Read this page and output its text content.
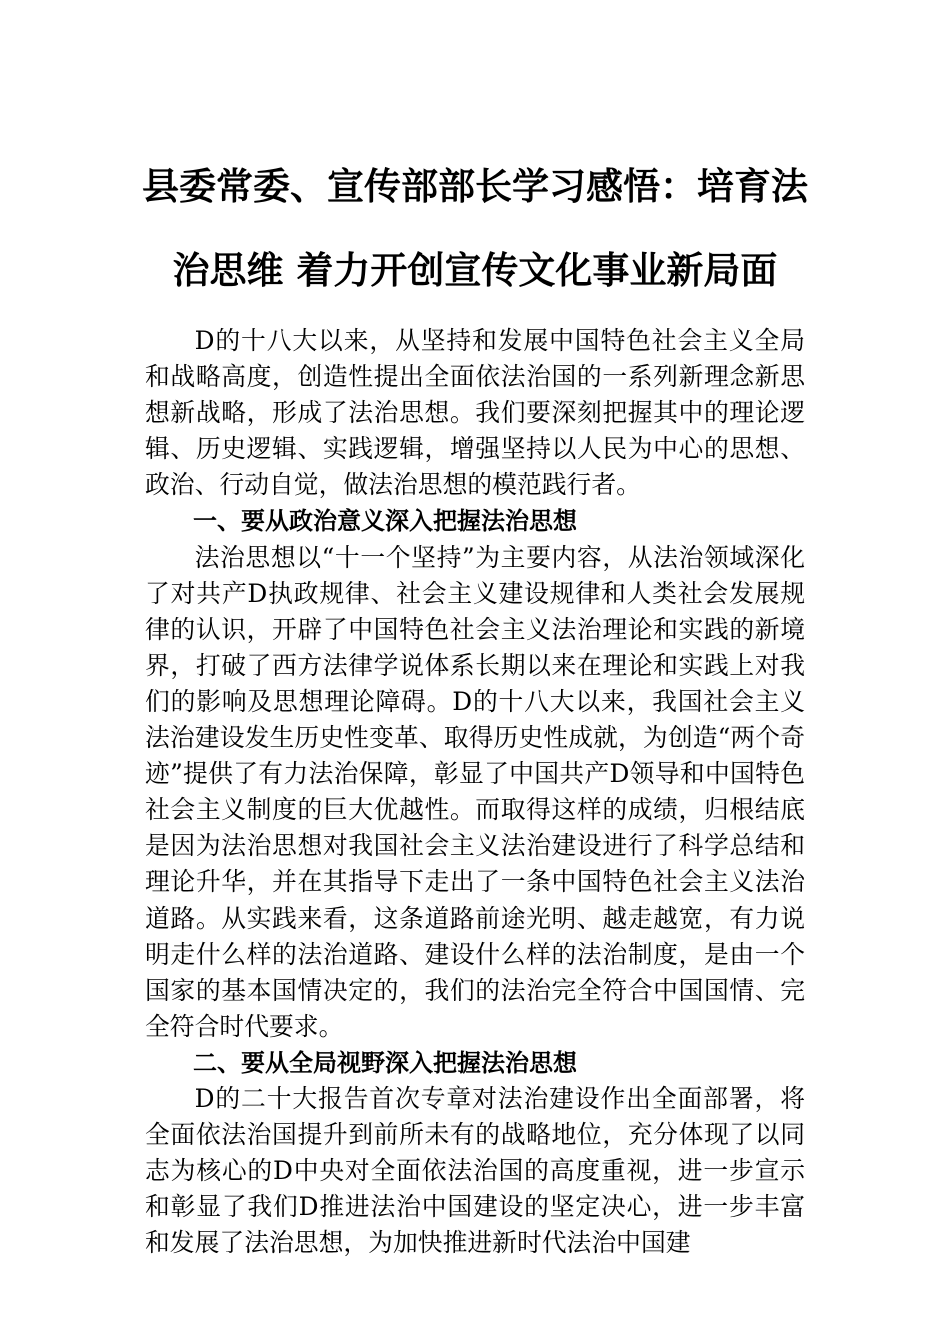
县委常委、宣传部部长学习感悟：培育法
治思维 着力开创宣传文化事业新局面

D的十八大以来，从坚持和发展中国特色社会主义全局和战略高度，创造性提出全面依法治国的一系列新理念新思想新战略，形成了法治思想。我们要深刻把握其中的理论逻辑、历史逻辑、实践逻辑，增强坚持以人民为中心的思想、政治、行动自觉，做法治思想的模范践行者。

一、要从政治意义深入把握法治思想

法治思想以“十一个坚持”为主要内容，从法治领域深化了对共产D执政规律、社会主义建设规律和人类社会发展规律的认识，开辟了中国特色社会主义法治理论和实践的新境界，打破了西方法律学说体系长期以来在理论和实践上对我们的影响及思想理论障碍。D的十八大以来，我国社会主义法治建设发生历史性变革、取得历史性成就，为创造“两个奇迹”提供了有力法治保障，彰显了中国共产D领导和中国特色社会主义制度的巨大优越性。而取得这样的成绩，归根结底是因为法治思想对我国社会主义法治建设进行了科学总结和理论升华，并在其指导下走出了一条中国特色社会主义法治道路。从实践来看，这条道路前途光明、越走越宽，有力说明走什么样的法治道路、建设什么样的法治制度，是由一个国家的基本国情决定的，我们的法治完全符合中国国情、完全符合时代要求。

二、要从全局视野深入把握法治思想

D的二十大报告首次专章对法治建设作出全面部署，将全面依法治国提升到前所未有的战略地位，充分体现了以同志为核心的D中央对全面依法治国的高度重视，进一步宣示和彰显了我们D推进法治中国建设的坚定决心，进一步丰富和发展了法治思想，为加快推进新时代法治中国建
